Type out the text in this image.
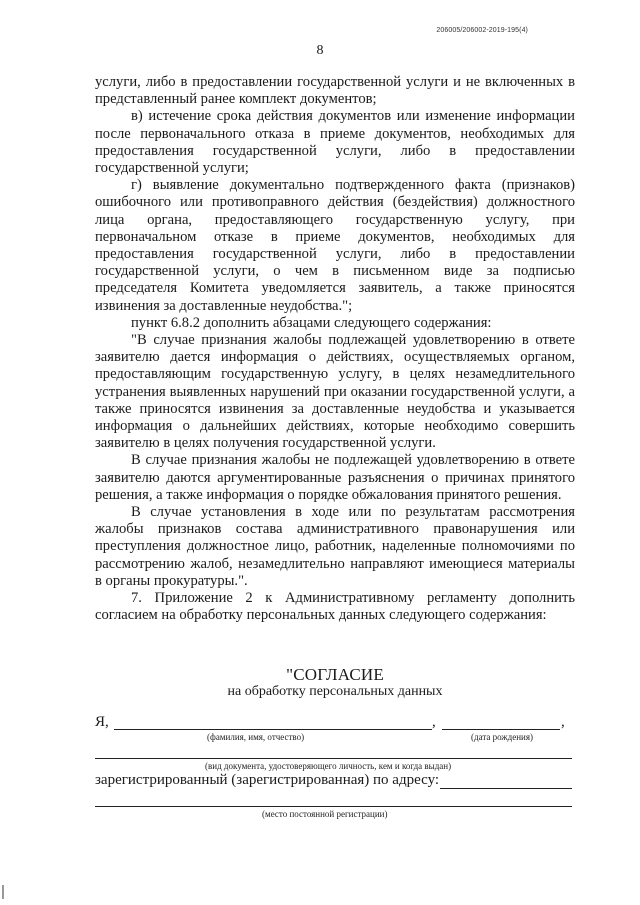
206005/206002-2019-195(4)
8

услуги, либо в предоставлении государственной услуги и не включенных в представленный ранее комплект документов;

в) истечение срока действия документов или изменение информации после первоначального отказа в приеме документов, необходимых для предоставления государственной услуги, либо в предоставлении государственной услуги;

г) выявление документально подтвержденного факта (признаков) ошибочного или противоправного действия (бездействия) должностного лица органа, предоставляющего государственную услугу, при первоначальном отказе в приеме документов, необходимых для предоставления государственной услуги, либо в предоставлении государственной услуги, о чем в письменном виде за подписью председателя Комитета уведомляется заявитель, а также приносятся извинения за доставленные неудобства.";

пункт 6.8.2 дополнить абзацами следующего содержания:

"В случае признания жалобы подлежащей удовлетворению в ответе заявителю дается информация о действиях, осуществляемых органом, предоставляющим государственную услугу, в целях незамедлительного устранения выявленных нарушений при оказании государственной услуги, а также приносятся извинения за доставленные неудобства и указывается информация о дальнейших действиях, которые необходимо совершить заявителю в целях получения государственной услуги.

В случае признания жалобы не подлежащей удовлетворению в ответе заявителю даются аргументированные разъяснения о причинах принятого решения, а также информация о порядке обжалования принятого решения.

В случае установления в ходе или по результатам рассмотрения жалобы признаков состава административного правонарушения или преступления должностное лицо, работник, наделенные полномочиями по рассмотрению жалоб, незамедлительно направляют имеющиеся материалы в органы прокуратуры.".

7. Приложение 2 к Административному регламенту дополнить согласием на обработку персональных данных следующего содержания:

"СОГЛАСИЕ
на обработку персональных данных
Я,	,	,
(фамилия, имя, отчество)	(дата рождения)
(вид документа, удостоверяющего личность, кем и когда выдан)
зарегистрированный (зарегистрированная) по адресу:
(место постоянной регистрации)
